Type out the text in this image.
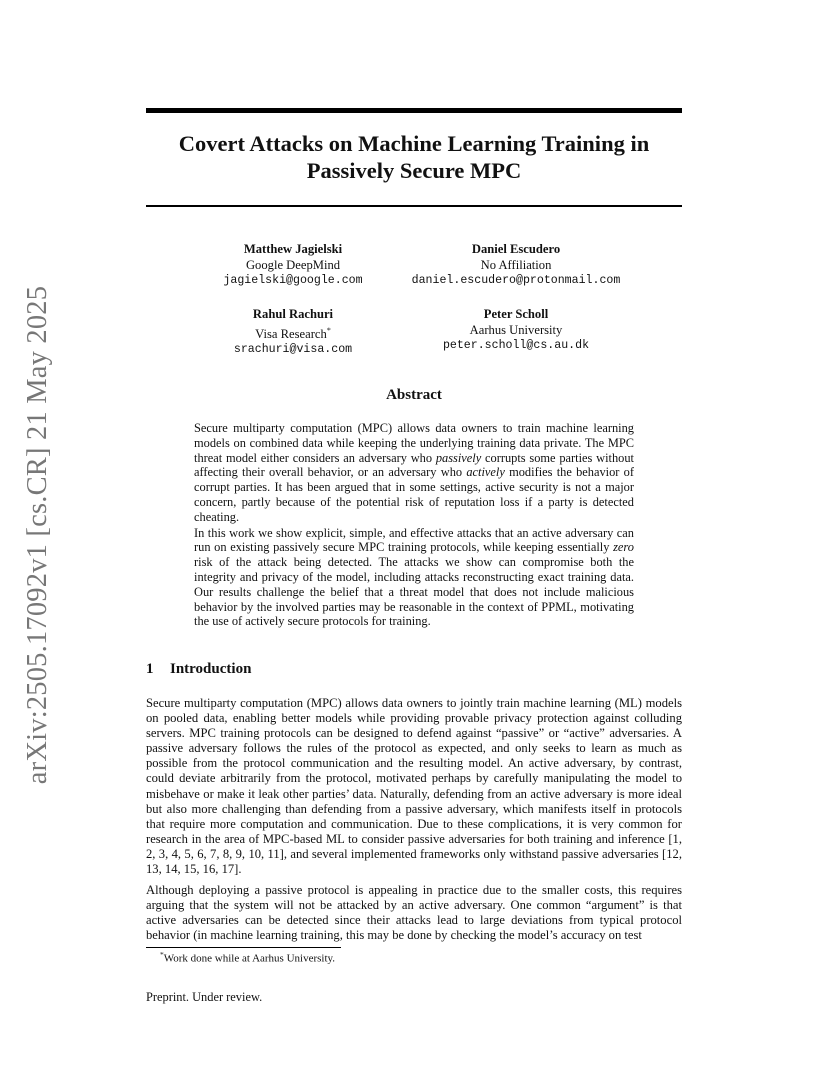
arXiv:2505.17092v1 [cs.CR] 21 May 2025
Covert Attacks on Machine Learning Training in
Passively Secure MPC
Matthew Jagielski
Google DeepMind
jagielski@google.com
Daniel Escudero
No Affiliation
daniel.escudero@protonmail.com
Rahul Rachuri
Visa Research*
srachuri@visa.com
Peter Scholl
Aarhus University
peter.scholl@cs.au.dk
Abstract

Secure multiparty computation (MPC) allows data owners to train machine learning models on combined data while keeping the underlying training data private. The MPC threat model either considers an adversary who passively corrupts some parties without affecting their overall behavior, or an adversary who actively modifies the behavior of corrupt parties. It has been argued that in some settings, active security is not a major concern, partly because of the potential risk of reputation loss if a party is detected cheating.

In this work we show explicit, simple, and effective attacks that an active adversary can run on existing passively secure MPC training protocols, while keeping essentially zero risk of the attack being detected. The attacks we show can compromise both the integrity and privacy of the model, including attacks reconstructing exact training data. Our results challenge the belief that a threat model that does not include malicious behavior by the involved parties may be reasonable in the context of PPML, motivating the use of actively secure protocols for training.

1 Introduction

Secure multiparty computation (MPC) allows data owners to jointly train machine learning (ML) models on pooled data, enabling better models while providing provable privacy protection against colluding servers. MPC training protocols can be designed to defend against “passive” or “active” adversaries. A passive adversary follows the rules of the protocol as expected, and only seeks to learn as much as possible from the protocol communication and the resulting model. An active adversary, by contrast, could deviate arbitrarily from the protocol, motivated perhaps by carefully manipulating the model to misbehave or make it leak other parties’ data. Naturally, defending from an active adversary is more ideal but also more challenging than defending from a passive adversary, which manifests itself in protocols that require more computation and communication. Due to these complications, it is very common for research in the area of MPC-based ML to consider passive adversaries for both training and inference [1, 2, 3, 4, 5, 6, 7, 8, 9, 10, 11], and several implemented frameworks only withstand passive adversaries [12, 13, 14, 15, 16, 17].

Although deploying a passive protocol is appealing in practice due to the smaller costs, this requires arguing that the system will not be attacked by an active adversary. One common “argument” is that active adversaries can be detected since their attacks lead to large deviations from typical protocol behavior (in machine learning training, this may be done by checking the model’s accuracy on test

*Work done while at Aarhus University.
Preprint. Under review.
